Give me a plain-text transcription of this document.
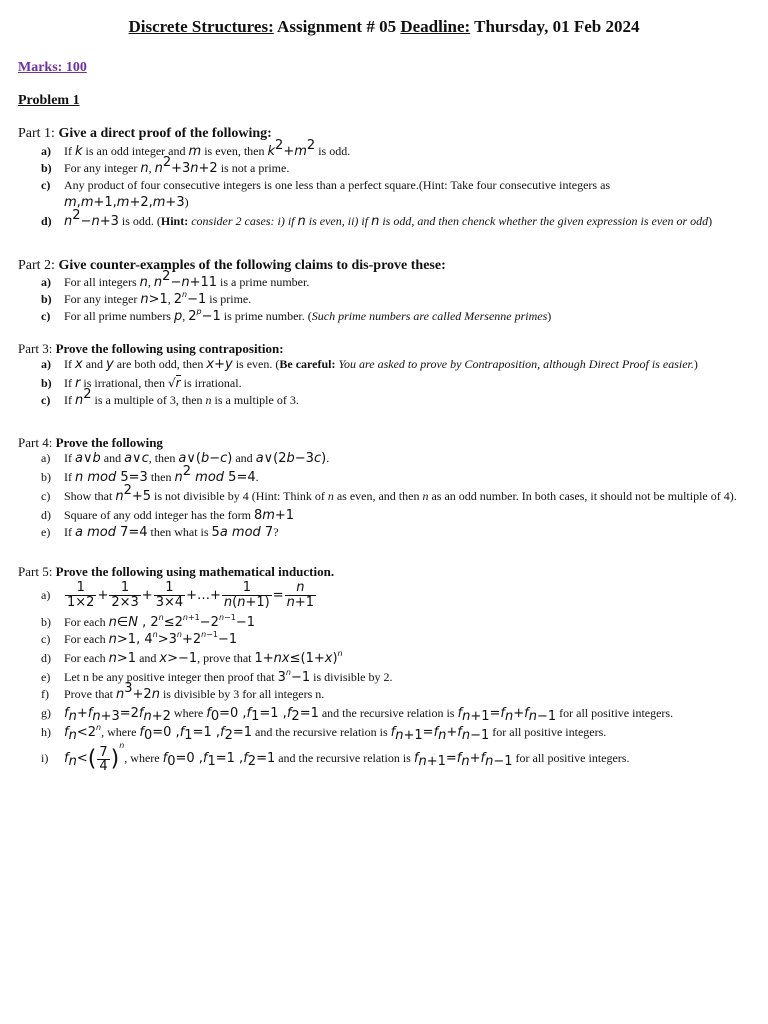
Discrete Structures: Assignment # 05 Deadline: Thursday, 01 Feb 2024
Marks: 100
Problem 1
Part 1: Give a direct proof of the following:
a) If k is an odd integer and m is even, then $k^2+m^2$ is odd.
b) For any integer n, $n^2+3n+2$ is not a prime.
c) Any product of four consecutive integers is one less than a perfect square.(Hint: Take four consecutive integers as
m,m+1,m+2,m+3)
d) $n^2-n+3$ is odd. (Hint: consider 2 cases: i) if n is even, ii) if n is odd, and then chenck whether the given expression is even or odd)
Part 2: Give counter-examples of the following claims to dis-prove these:
a) For all integers n, $n^2-n+11$ is a prime number.
b) For any integer n>1, $2^n-1$ is prime.
c) For all prime numbers p, $2^p-1$ is prime number. (Such prime numbers are called Mersenne primes)
Part 3: Prove the following using contraposition:
a) If x and y are both odd, then x+y is even. (Be careful: You are asked to prove by Contraposition, although Direct Proof is easier.)
b) If r is irrational, then √r is irrational.
c) If $n^2$ is a multiple of 3, then n is a multiple of 3.
Part 4: Prove the following
a) If a∨b and a∨c, then a∨(b−c) and a∨(2b−3c).
b) If n mod 5=3 then $n^2$ mod 5=4.
c) Show that $n^2+5$ is not divisible by 4 (Hint: Think of n as even, and then n as an odd number. In both cases, it should not be multiple of 4).
d) Square of any odd integer has the form 8m+1
e) If a mod 7=4 then what is 5a mod 7?
Part 5: Prove the following using mathematical induction.
$a) \frac{1}{1\times 2} + \frac{1}{2\times 3} + \frac{1}{3\times 4}$ +…+ $\frac{1}{n(n+1)} = \frac{n}{n+1}$
b) For each n∈N , $2^n\le 2^{n+1}-2^{n-1}-1$
c) For each n>1, $4^n>3^n+2^{n-1}-1$
d) For each n>1 and x>−1, prove that $1+nx\le(1+x)^n$
e) Let n be any positive integer then proof that $3^n-1$ is divisible by 2.
f) Prove that $n^3+2n$ is divisible by 3 for all integers n.
g) $f_n+f_{n+3}=2f_{n+2}$ where $f_0=0$ $,f_1=1$ $,f_2=1$ and the recursive relation is $f_{n+1}=f_n+f_{n-1}$ for all positive integers.
h) $f_n<2^n$, where $f_0=0$ $,f_1=1$ $,f_2=1$ and the recursive relation is $f_{n+1}=f_n+f_{n-1}$ for all positive integers.
i) $f_n<( \frac{7}{4} )^n$, where $f_0=0$ $,f_1=1$ $,f_2=1$ and the recursive relation is $f_{n+1}=f_n+f_{n-1}$ for all positive integers.
